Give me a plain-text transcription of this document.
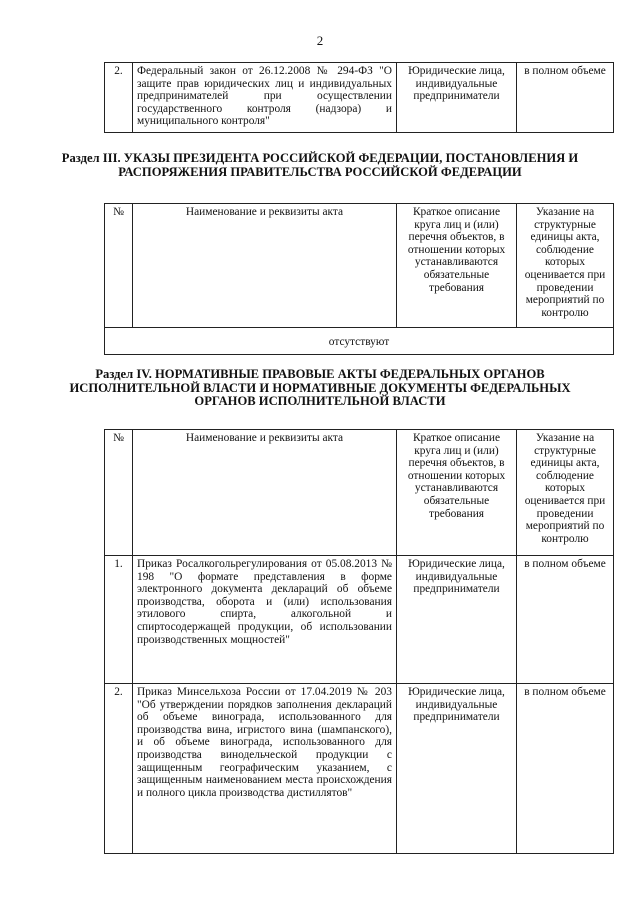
2
2.	Федеральный закон от 26.12.2008 № 294-ФЗ "О защите прав юридических лиц и индивидуальных предпринимателей при осуществлении государственного контроля (надзора) и муниципального контроля"	Юридические лица, индивидуальные предприниматели	в полном объеме
Раздел III. УКАЗЫ ПРЕЗИДЕНТА РОССИЙСКОЙ ФЕДЕРАЦИИ, ПОСТАНОВЛЕНИЯ И РАСПОРЯЖЕНИЯ ПРАВИТЕЛЬСТВА РОССИЙСКОЙ ФЕДЕРАЦИИ
№	Наименование и реквизиты акта	Краткое описание круга лиц и (или) перечня объектов, в отношении которых устанавливаются обязательные требования	Указание на структурные единицы акта, соблюдение которых оценивается при проведении мероприятий по контролю
отсутствуют
Раздел IV. НОРМАТИВНЫЕ ПРАВОВЫЕ АКТЫ ФЕДЕРАЛЬНЫХ ОРГАНОВ ИСПОЛНИТЕЛЬНОЙ ВЛАСТИ И НОРМАТИВНЫЕ ДОКУМЕНТЫ ФЕДЕРАЛЬНЫХ ОРГАНОВ ИСПОЛНИТЕЛЬНОЙ ВЛАСТИ
№	Наименование и реквизиты акта	Краткое описание круга лиц и (или) перечня объектов, в отношении которых устанавливаются обязательные требования	Указание на структурные единицы акта, соблюдение которых оценивается при проведении мероприятий по контролю
1.	Приказ Росалкогольрегулирования от 05.08.2013 № 198 "О формате представления в форме электронного документа деклараций об объеме производства, оборота и (или) использования этилового спирта, алкогольной и спиртосодержащей продукции, об использовании производственных мощностей"	Юридические лица, индивидуальные предприниматели	в полном объеме
2.	Приказ Минсельхоза России от 17.04.2019 № 203 "Об утверждении порядков заполнения деклараций об объеме винограда, использованного для производства вина, игристого вина (шампанского), и об объеме винограда, использованного для производства винодельческой продукции с защищенным географическим указанием, с защищенным наименованием места происхождения и полного цикла производства дистиллятов"	Юридические лица, индивидуальные предприниматели	в полном объеме
